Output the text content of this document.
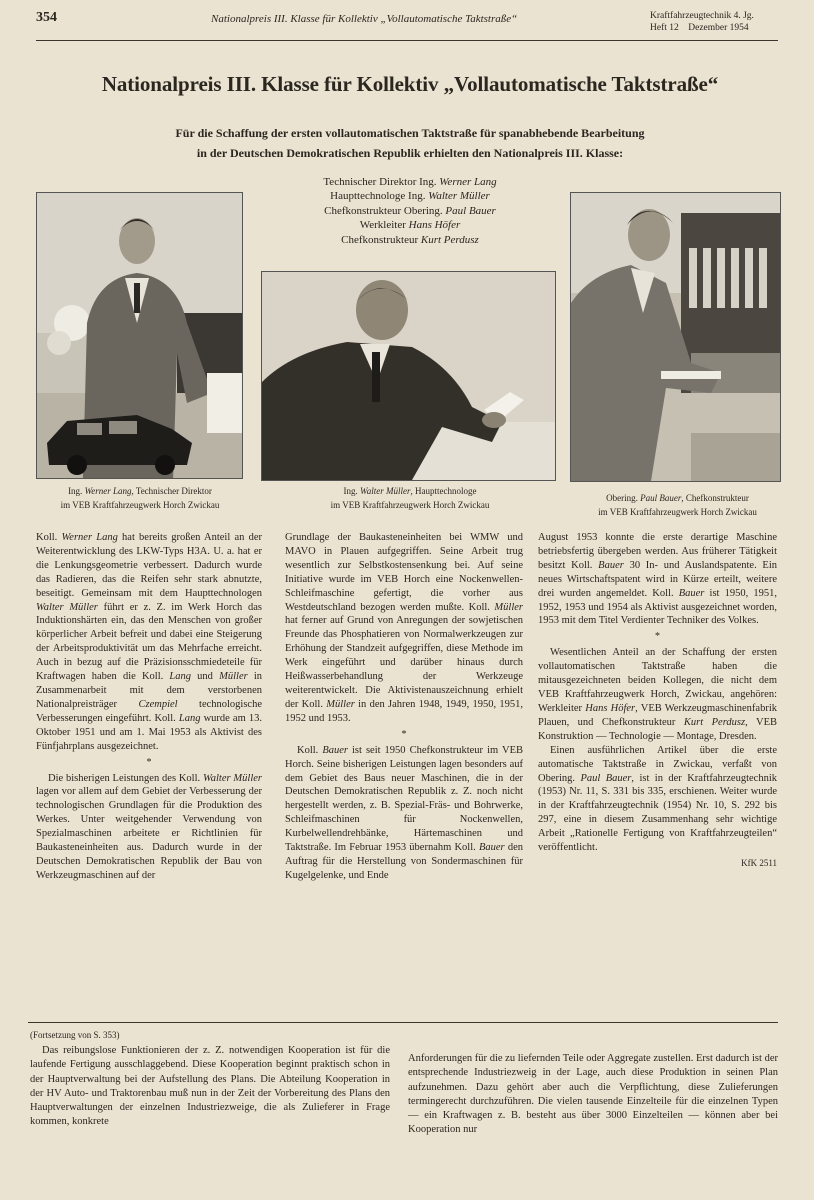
354	Nationalpreis III. Klasse für Kollektiv „Vollautomatische Taktstraße“	Kraftfahrzeugtechnik 4. Jg.
Heft 12    Dezember 1954
Nationalpreis III. Klasse für Kollektiv „Vollautomatische Taktstraße“
Für die Schaffung der ersten vollautomatischen Taktstraße für spanabhebende Bearbeitung
in der Deutschen Demokratischen Republik erhielten den Nationalpreis III. Klasse:
Technischer Direktor Ing. Werner Lang
Haupttechnologe Ing. Walter Müller
Chefkonstrukteur Obering. Paul Bauer
Werkleiter Hans Höfer
Chefkonstrukteur Kurt Perdusz
Ing. Werner Lang, Technischer Direktor
im VEB Kraftfahrzeugwerk Horch Zwickau
Ing. Walter Müller, Haupttechnologe
im VEB Kraftfahrzeugwerk Horch Zwickau
Obering. Paul Bauer, Chefkonstrukteur
im VEB Kraftfahrzeugwerk Horch Zwickau

Koll. Werner Lang hat bereits großen Anteil an der Weiterentwicklung des LKW-Typs H3A. U. a. hat er die Lenkungsgeometrie verbessert. Dadurch wurde das Radieren, das die Reifen sehr stark abnutzte, beseitigt. Gemeinsam mit dem Haupttechnologen Walter Müller führt er z. Z. im Werk Horch das Induktionshärten ein, das den Menschen von großer körperlicher Arbeit befreit und dabei eine Steigerung der Arbeitsproduktivität um das Mehrfache erreicht. Auch in bezug auf die Präzisionsschmiedeteile für Kraftwagen haben die Koll. Lang und Müller in Zusammenarbeit mit dem verstorbenen Nationalpreisträger Czempiel technologische Verbesserungen eingeführt. Koll. Lang wurde am 13. Oktober 1951 und am 1. Mai 1953 als Aktivist des Fünfjahrplans ausgezeichnet.

*

Die bisherigen Leistungen des Koll. Walter Müller lagen vor allem auf dem Gebiet der Verbesserung der technologischen Grundlagen für die Produktion des Werkes. Unter weitgehender Verwendung von Spezialmaschinen arbeitete er Richtlinien für Baukasteneinheiten aus. Dadurch wurde in der Deutschen Demokratischen Republik der Bau von Werkzeugmaschinen auf der

Grundlage der Baukasteneinheiten bei WMW und MAVO in Plauen aufgegriffen. Seine Arbeit trug wesentlich zur Selbstkostensenkung bei. Auf seine Initiative wurde im VEB Horch eine Nockenwellen-Schleifmaschine gefertigt, die vorher aus Westdeutschland bezogen werden mußte. Koll. Müller hat ferner auf Grund von Anregungen der sowjetischen Freunde das Phosphatieren von Normalwerkzeugen zur Erhöhung der Standzeit aufgegriffen, diese Methode im Werk eingeführt und darüber hinaus durch Heißwasserbehandlung der Werkzeuge weiterentwickelt. Die Aktivistenauszeichnung erhielt der Koll. Müller in den Jahren 1948, 1949, 1950, 1951, 1952 und 1953.

*

Koll. Bauer ist seit 1950 Chefkonstrukteur im VEB Horch. Seine bisherigen Leistungen lagen besonders auf dem Gebiet des Baus neuer Maschinen, die in der Deutschen Demokratischen Republik z. Z. noch nicht hergestellt werden, z. B. Spezial-Fräs- und Bohrwerke, Schleifmaschinen für Nockenwellen, Kurbelwellendrehbänke, Härtemaschinen und Taktstraße. Im Februar 1953 übernahm Koll. Bauer den Auftrag für die Herstellung von Sondermaschinen für Kugelgelenke, und Ende

August 1953 konnte die erste derartige Maschine betriebsfertig übergeben werden. Aus früherer Tätigkeit besitzt Koll. Bauer 30 In- und Auslandspatente. Ein neues Wirtschaftspatent wird in Kürze erteilt, weitere drei wurden angemeldet. Koll. Bauer ist 1950, 1951, 1952, 1953 und 1954 als Aktivist ausgezeichnet worden, 1953 mit dem Titel Verdienter Techniker des Volkes.

*

Wesentlichen Anteil an der Schaffung der ersten vollautomatischen Taktstraße haben die mitausgezeichneten beiden Kollegen, die nicht dem VEB Kraftfahrzeugwerk Horch, Zwickau, angehören: Werkleiter Hans Höfer, VEB Werkzeugmaschinenfabrik Plauen, und Chefkonstrukteur Kurt Perdusz, VEB Konstruktion — Technologie — Montage, Dresden.

Einen ausführlichen Artikel über die erste automatische Taktstraße in Zwickau, verfaßt von Obering. Paul Bauer, ist in der Kraftfahrzeugtechnik (1953) Nr. 11, S. 331 bis 335, erschienen. Weiter wurde in der Kraftfahrzeugtechnik (1954) Nr. 10, S. 292 bis 297, eine in diesem Zusammenhang sehr wichtige Arbeit „Rationelle Fertigung von Kraftfahrzeugteilen“ veröffentlicht.

KfK 2511
(Fortsetzung von S. 353)

Das reibungslose Funktionieren der z. Z. notwendigen Kooperation ist für die laufende Fertigung ausschlaggebend. Diese Kooperation beginnt praktisch schon in der Hauptverwaltung bei der Aufstellung des Plans. Die Abteilung Kooperation in der HV Auto- und Traktorenbau muß nun in der Zeit der Vorbereitung des Plans den Hauptverwaltungen der einzelnen Industriezweige, die als Zulieferer in Frage kommen, konkrete

Anforderungen für die zu liefernden Teile oder Aggregate zustellen. Erst dadurch ist der entsprechende Industriezweig in der Lage, auch diese Produktion in seinen Plan aufzunehmen. Dazu gehört aber auch die Verpflichtung, diese Zulieferungen termingerecht durchzuführen. Die vielen tausende Einzelteile für die einzelnen Typen — ein Kraftwagen z. B. besteht aus über 3000 Einzelteilen — können aber bei Kooperation nur
